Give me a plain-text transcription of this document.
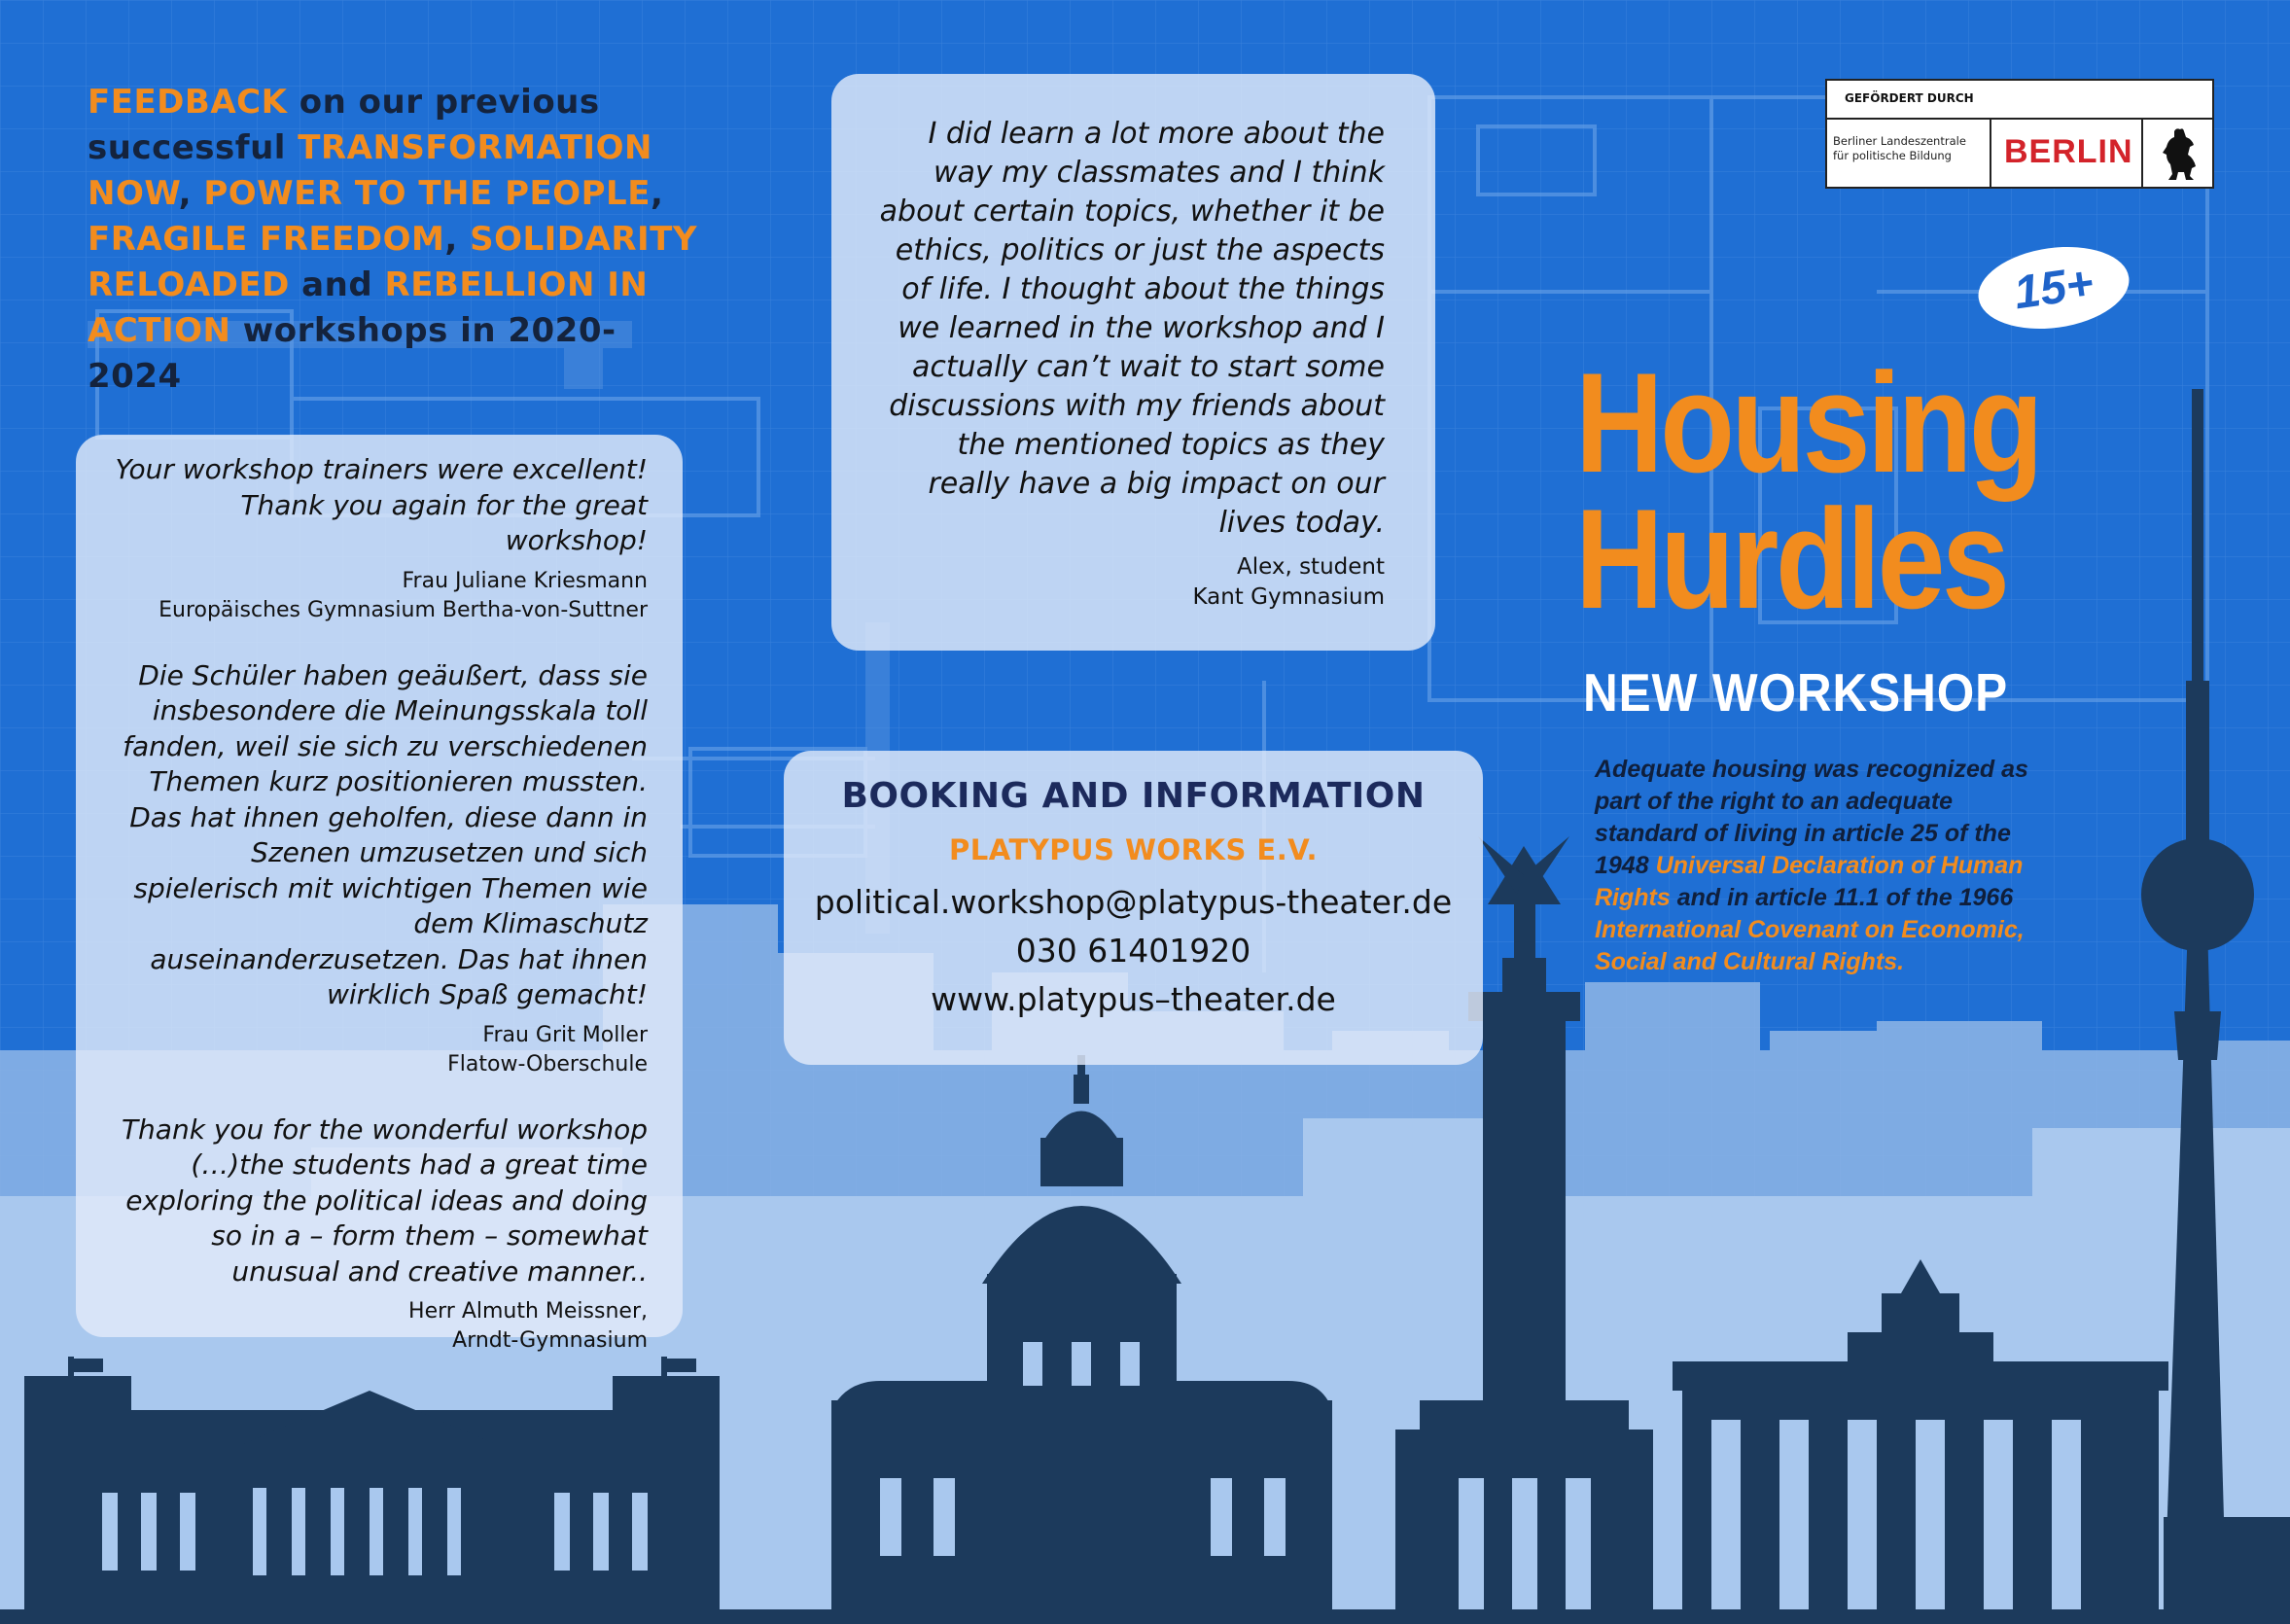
FEEDBACK on our previous successful TRANSFORMATION NOW, POWER TO THE PEOPLE, FRAGILE FREEDOM, SOLIDARITY RELOADED and REBELLION IN ACTION workshops in 2020-2024
Your workshop trainers were excellent! Thank you again for the great workshop!
Frau Juliane Kriesmann
Europäisches Gymnasium Bertha-von-Suttner
Die Schüler haben geäußert, dass sie insbesondere die Meinungsskala toll fanden, weil sie sich zu verschiedenen Themen kurz positionieren mussten. Das hat ihnen geholfen, diese dann in Szenen umzusetzen und sich spielerisch mit wichtigen Themen wie dem Klimaschutz auseinanderzusetzen. Das hat ihnen wirklich Spaß gemacht!
Frau Grit Moller
Flatow-Oberschule
Thank you for the wonderful workshop (…)the students had a great time exploring the political ideas and doing so in a – form them – somewhat unusual and creative manner..
Herr Almuth Meissner,
Arndt-Gymnasium
I did learn a lot more about the way my classmates and I think about certain topics, whether it be ethics, politics or just the aspects of life. I thought about the things we learned in the workshop and I actually can’t wait to start some discussions with my friends about the mentioned topics as they really have a big impact on our lives today.
Alex, student
Kant Gymnasium
BOOKING AND INFORMATION
PLATYPUS WORKS E.V.
political.workshop@platypus-theater.de
030 61401920
www.platypus–theater.de
GEFÖRDERT DURCH
Berliner Landeszentrale für politische Bildung	BERLIN
15+
Housing
Hurdles
NEW WORKSHOP
Adequate housing was recognized as part of the right to an adequate standard of living in article 25 of the 1948 Universal Declaration of Human Rights and in article 11.1 of the 1966 International Covenant on Economic, Social and Cultural Rights.
